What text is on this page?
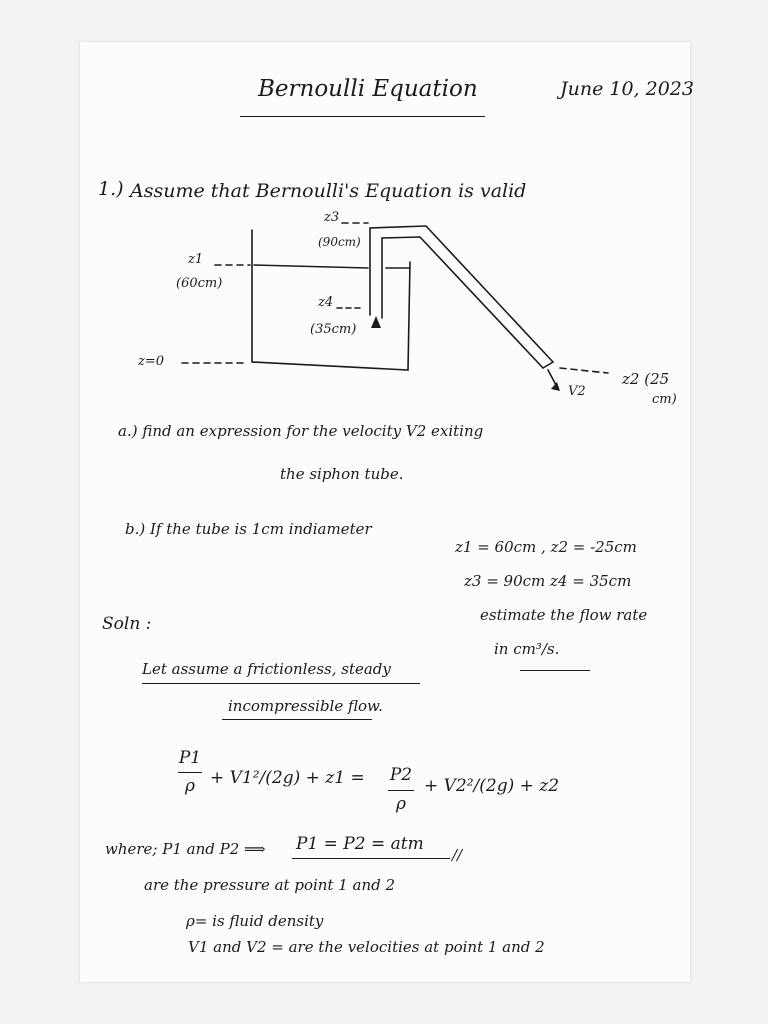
Bernoulli Equation	June 10, 2023
1.) Assume that Bernoulli's Equation is valid
z3
(90cm)
z1
(60cm)
z4
(35cm)
z=0
z2 (25
cm)
V2
a.) find an expression for the velocity V2 exiting
the siphon tube.
b.) If the tube is 1cm indiameter
z1 = 60cm , z2 = -25cm
z3 = 90cm z4 = 35cm
estimate the flow rate
in cm³/s.
Soln :
Let assume a frictionless, steady
incompressible flow.
P1
ρ + V1²/(2g) + z1 = P2
ρ
+ V2²/(2g) + z2
where; P1 and P2 ⟹ P1 = P2 = atm
//
are the pressure at point 1 and 2
ρ= is fluid density
V1 and V2 = are the velocities at point 1 and 2
